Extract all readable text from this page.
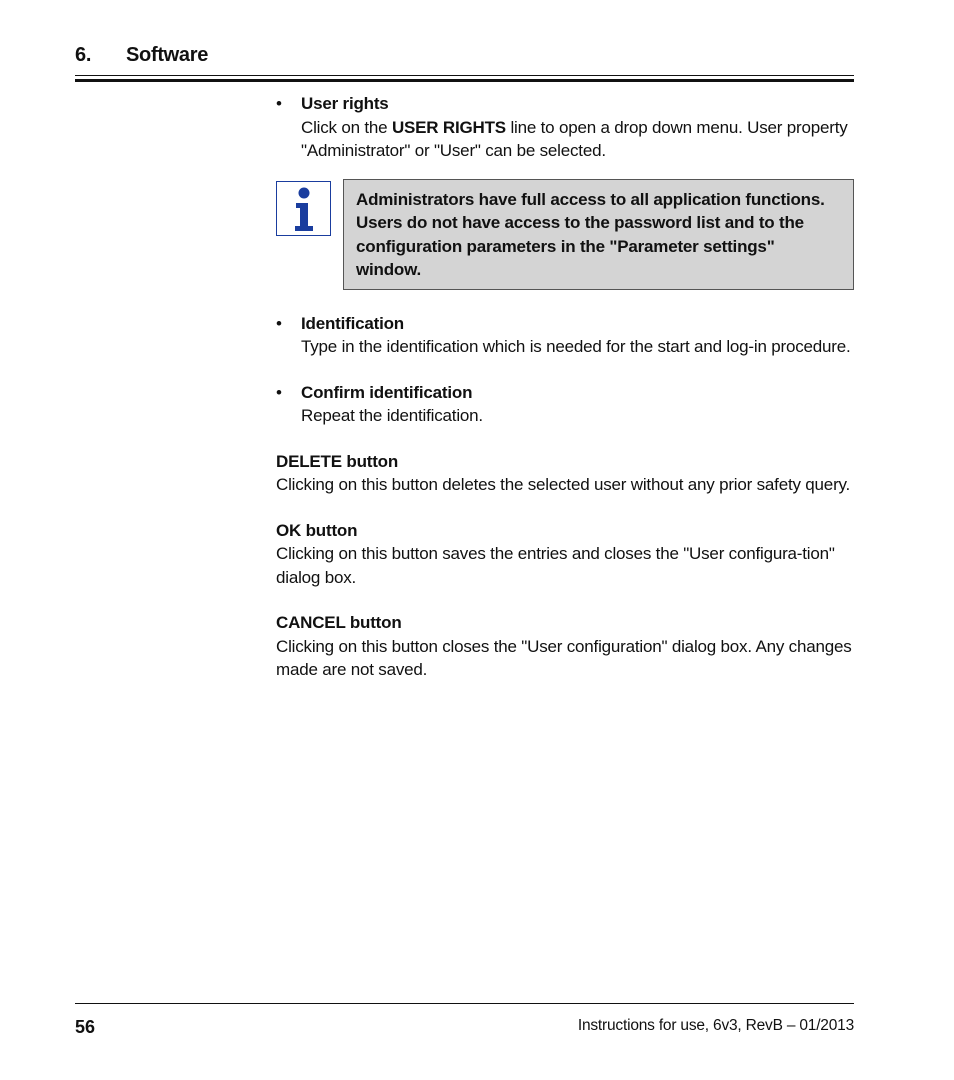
6. Software
• User rights
Click on the USER RIGHTS line to open a drop down menu. User property "Administrator" or "User" can be selected.
Administrators have full access to all application functions. Users do not have access to the password list and to the configuration parameters in the "Parameter settings" window.
• Identification
Type in the identification which is needed for the start and log-in procedure.
• Confirm identification
Repeat the identification.
DELETE button
Clicking on this button deletes the selected user without any prior safety query.
OK button
Clicking on this button saves the entries and closes the "User configura-tion" dialog box.
CANCEL button
Clicking on this button closes the "User configuration" dialog box. Any changes made are not saved.
56	Instructions for use, 6v3, RevB – 01/2013
